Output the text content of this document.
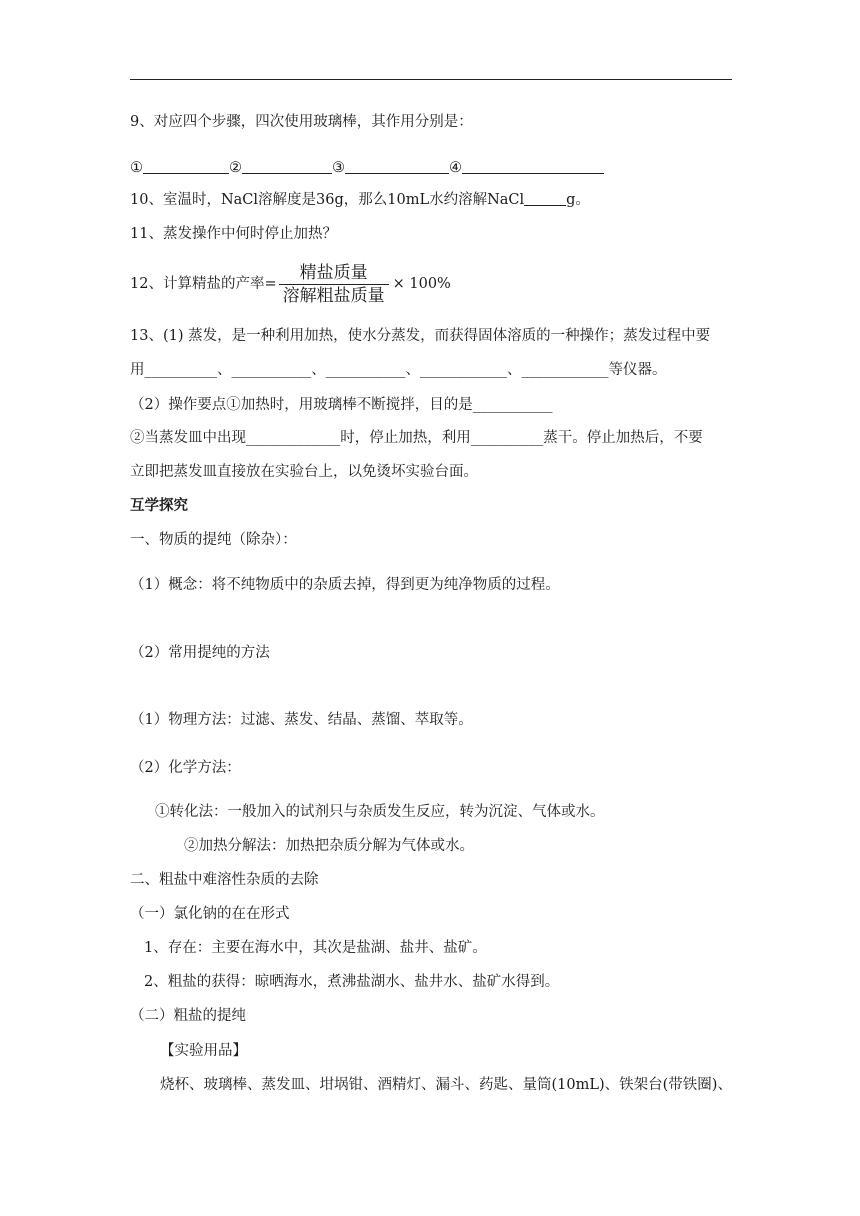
9、对应四个步骤，四次使用玻璃棒，其作用分别是：
①	②	③	④
10、室温时，NaCl溶解度是36g，那么10mL水约溶解NaCl	g。
11、蒸发操作中何时停止加热？
12、计算精盐的产率= $\frac{\text{精盐质量}}{\text{溶解粗盐质量}} \times 100\%$
13、(1) 蒸发，是一种利用加热，使水分蒸发，而获得固体溶质的一种操作；蒸发过程中要
用__________、___________、___________、____________、____________等仪器。
（2）操作要点①加热时，用玻璃棒不断搅拌，目的是___________
②当蒸发皿中出现_____________时，停止加热，利用__________蒸干。停止加热后，不要
立即把蒸发皿直接放在实验台上，以免烫坏实验台面。
互学探究
一、物质的提纯（除杂）：
（1）概念：将不纯物质中的杂质去掉，得到更为纯净物质的过程。
（2）常用提纯的方法
（1）物理方法：过滤、蒸发、结晶、蒸馏、萃取等。
（2）化学方法：
①转化法：一般加入的试剂只与杂质发生反应，转为沉淀、气体或水。
②加热分解法：加热把杂质分解为气体或水。
二、粗盐中难溶性杂质的去除
（一）氯化钠的在在形式
1、存在：主要在海水中，其次是盐湖、盐井、盐矿。
2、粗盐的获得：晾晒海水，煮沸盐湖水、盐井水、盐矿水得到。
（二）粗盐的提纯
【实验用品】
烧杯、玻璃棒、蒸发皿、坩埚钳、酒精灯、漏斗、药匙、量筒(10mL)、铁架台(带铁圈)、
